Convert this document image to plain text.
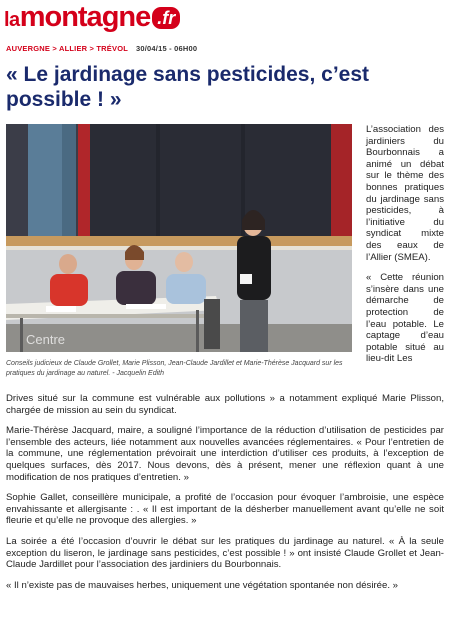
la montagne .fr
AUVERGNE > ALLIER > TRÉVOL 30/04/15 - 06H00
« Le jardinage sans pesticides, c’est possible ! »
Centre
Conseils judicieux de Claude Grollet, Marie Plisson, Jean-Claude Jardillet et Marie-Thérèse Jacquard sur les pratiques du jardinage au naturel. - Jacquelin Edith

L’association des jardiniers du Bourbonnais a animé un débat sur le thème des bonnes pratiques du jardinage sans pesticides, à l’initiative du syndicat mixte des eaux de l’Allier (SMEA).

« Cette réunion s’insère dans une démarche de protection de l’eau potable. Le captage d’eau potable situé au lieu-dit Les

Drives situé sur la commune est vulnérable aux pollutions » a notamment expliqué Marie Plisson, chargée de mission au sein du syndicat.

Marie-Thérèse Jacquard, maire, a souligné l’importance de la réduction d’utilisation de pesticides par l’ensemble des acteurs, liée notamment aux nouvelles avancées réglementaires. « Pour l’entretien de la commune, une réglementation prévoirait une interdiction d’utiliser ces produits, à l’exception de quelques surfaces, dès 2017. Nous devons, dès à présent, mener une réflexion quant à une modification de nos pratiques d’entretien. »

Sophie Gallet, conseillère municipale, a profité de l’occasion pour évoquer l’ambroisie, une espèce envahissante et allergisante : . « Il est important de la désherber manuellement avant qu’elle ne soit fleurie et qu’elle ne provoque des allergies. »

La soirée a été l’occasion d’ouvrir le débat sur les pratiques du jardinage au naturel. « À la seule exception du liseron, le jardinage sans pesticides, c’est possible ! » ont insisté Claude Grollet et Jean-Claude Jardillet pour l’association des jardiniers du Bourbonnais.

« Il n’existe pas de mauvaises herbes, uniquement une végétation spontanée non désirée. »
